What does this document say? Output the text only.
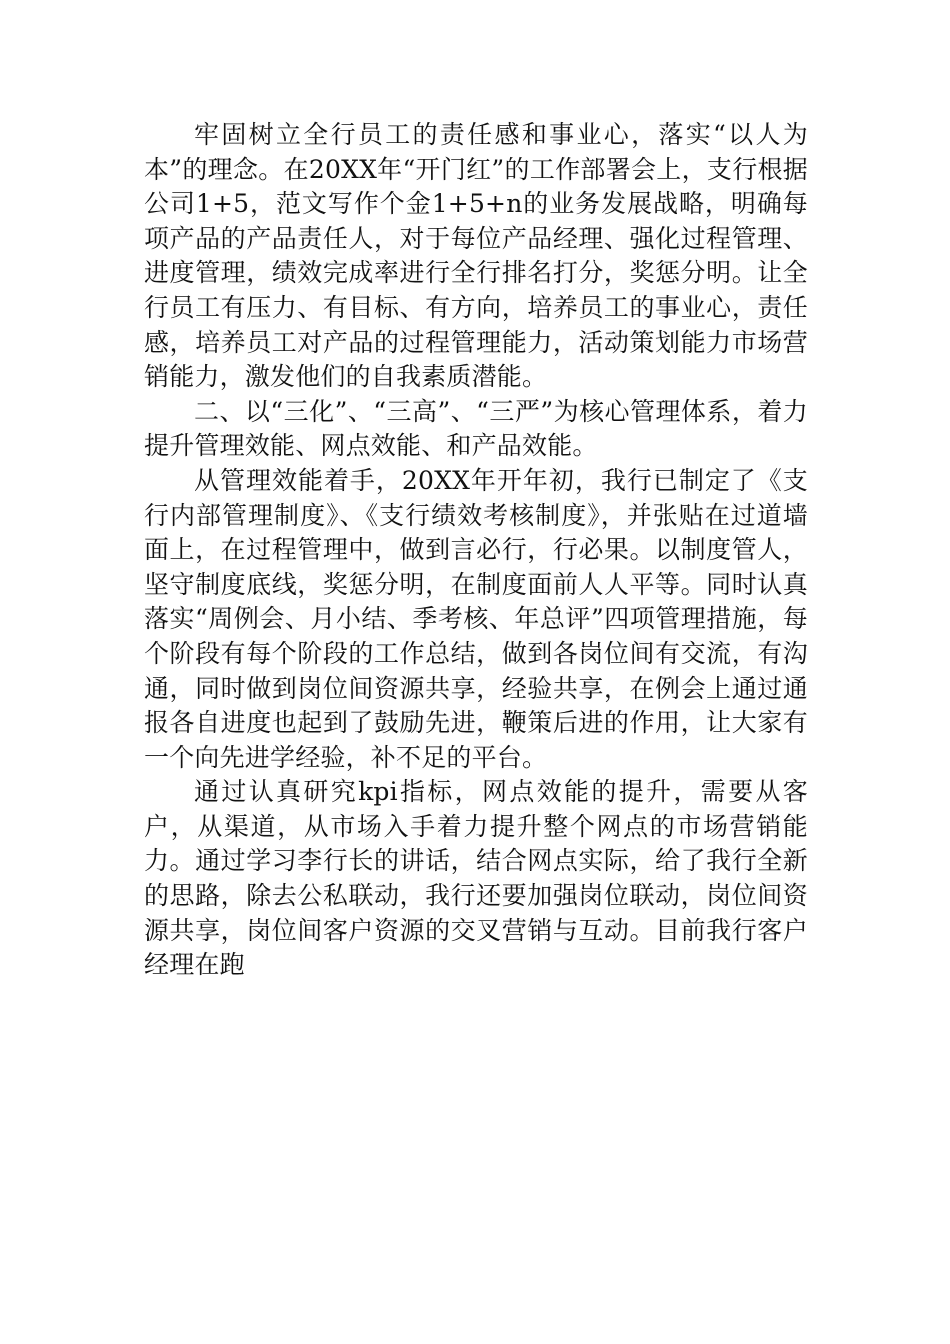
牢固树立全行员工的责任感和事业心，落实“以人为本”的理念。在20XX年“开门红”的工作部署会上，支行根据公司1+5，范文写作个金1+5+n的业务发展战略，明确每项产品的产品责任人，对于每位产品经理、强化过程管理、进度管理，绩效完成率进行全行排名打分，奖惩分明。让全行员工有压力、有目标、有方向，培养员工的事业心，责任感，培养员工对产品的过程管理能力，活动策划能力市场营销能力，激发他们的自我素质潜能。

二、以“三化”、“三高”、“三严”为核心管理体系，着力提升管理效能、网点效能、和产品效能。

从管理效能着手，20XX年开年初，我行已制定了《支行内部管理制度》、《支行绩效考核制度》，并张贴在过道墙面上，在过程管理中，做到言必行，行必果。以制度管人，坚守制度底线，奖惩分明，在制度面前人人平等。同时认真落实“周例会、月小结、季考核、年总评”四项管理措施，每个阶段有每个阶段的工作总结，做到各岗位间有交流，有沟通，同时做到岗位间资源共享，经验共享，在例会上通过通报各自进度也起到了鼓励先进，鞭策后进的作用，让大家有一个向先进学经验，补不足的平台。

通过认真研究kpi指标，网点效能的提升，需要从客户，从渠道，从市场入手着力提升整个网点的市场营销能力。通过学习李行长的讲话，结合网点实际，给了我行全新的思路，除去公私联动，我行还要加强岗位联动，岗位间资源共享，岗位间客户资源的交叉营销与互动。目前我行客户经理在跑
